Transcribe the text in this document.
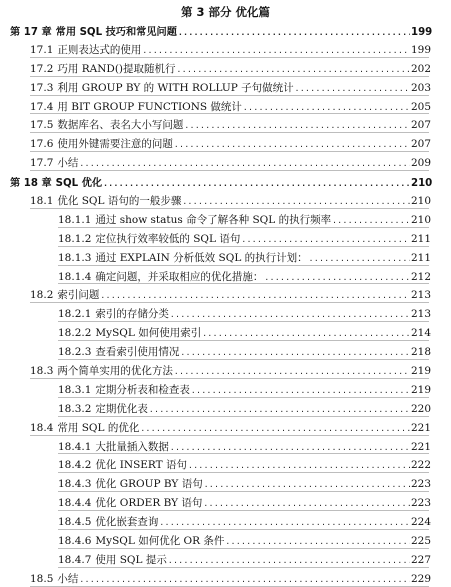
第 3 部分 优化篇
第 17 章 常用 SQL 技巧和常见问题 .....	199
17.1 正则表达式的使用 .....	199
17.2 巧用 RAND()提取随机行 .....	202
17.3 利用 GROUP BY 的 WITH ROLLUP 子句做统计 .....	203
17.4 用 BIT GROUP FUNCTIONS 做统计 .....	205
17.5 数据库名、表名大小写问题 .....	207
17.6 使用外键需要注意的问题 .....	207
17.7 小结 .....	209
第 18 章 SQL 优化 .....	210
18.1 优化 SQL 语句的一般步骤 .....	210
18.1.1 通过 show status 命令了解各种 SQL 的执行频率 .....	210
18.1.2 定位执行效率较低的 SQL 语句 .....	211
18.1.3 通过 EXPLAIN 分析低效 SQL 的执行计划： .....	211
18.1.4 确定问题，并采取相应的优化措施： .....	212
18.2 索引问题 .....	213
18.2.1 索引的存储分类 .....	213
18.2.2 MySQL 如何使用索引 .....	214
18.2.3 查看索引使用情况 .....	218
18.3 两个简单实用的优化方法 .....	219
18.3.1 定期分析表和检查表 .....	219
18.3.2 定期优化表 .....	220
18.4 常用 SQL 的优化 .....	221
18.4.1 大批量插入数据 .....	221
18.4.2 优化 INSERT 语句 .....	222
18.4.3 优化 GROUP BY 语句 .....	223
18.4.4 优化 ORDER BY 语句 .....	223
18.4.5 优化嵌套查询 .....	224
18.4.6 MySQL 如何优化 OR 条件 .....	225
18.4.7 使用 SQL 提示 .....	227
18.5 小结 .....	229
